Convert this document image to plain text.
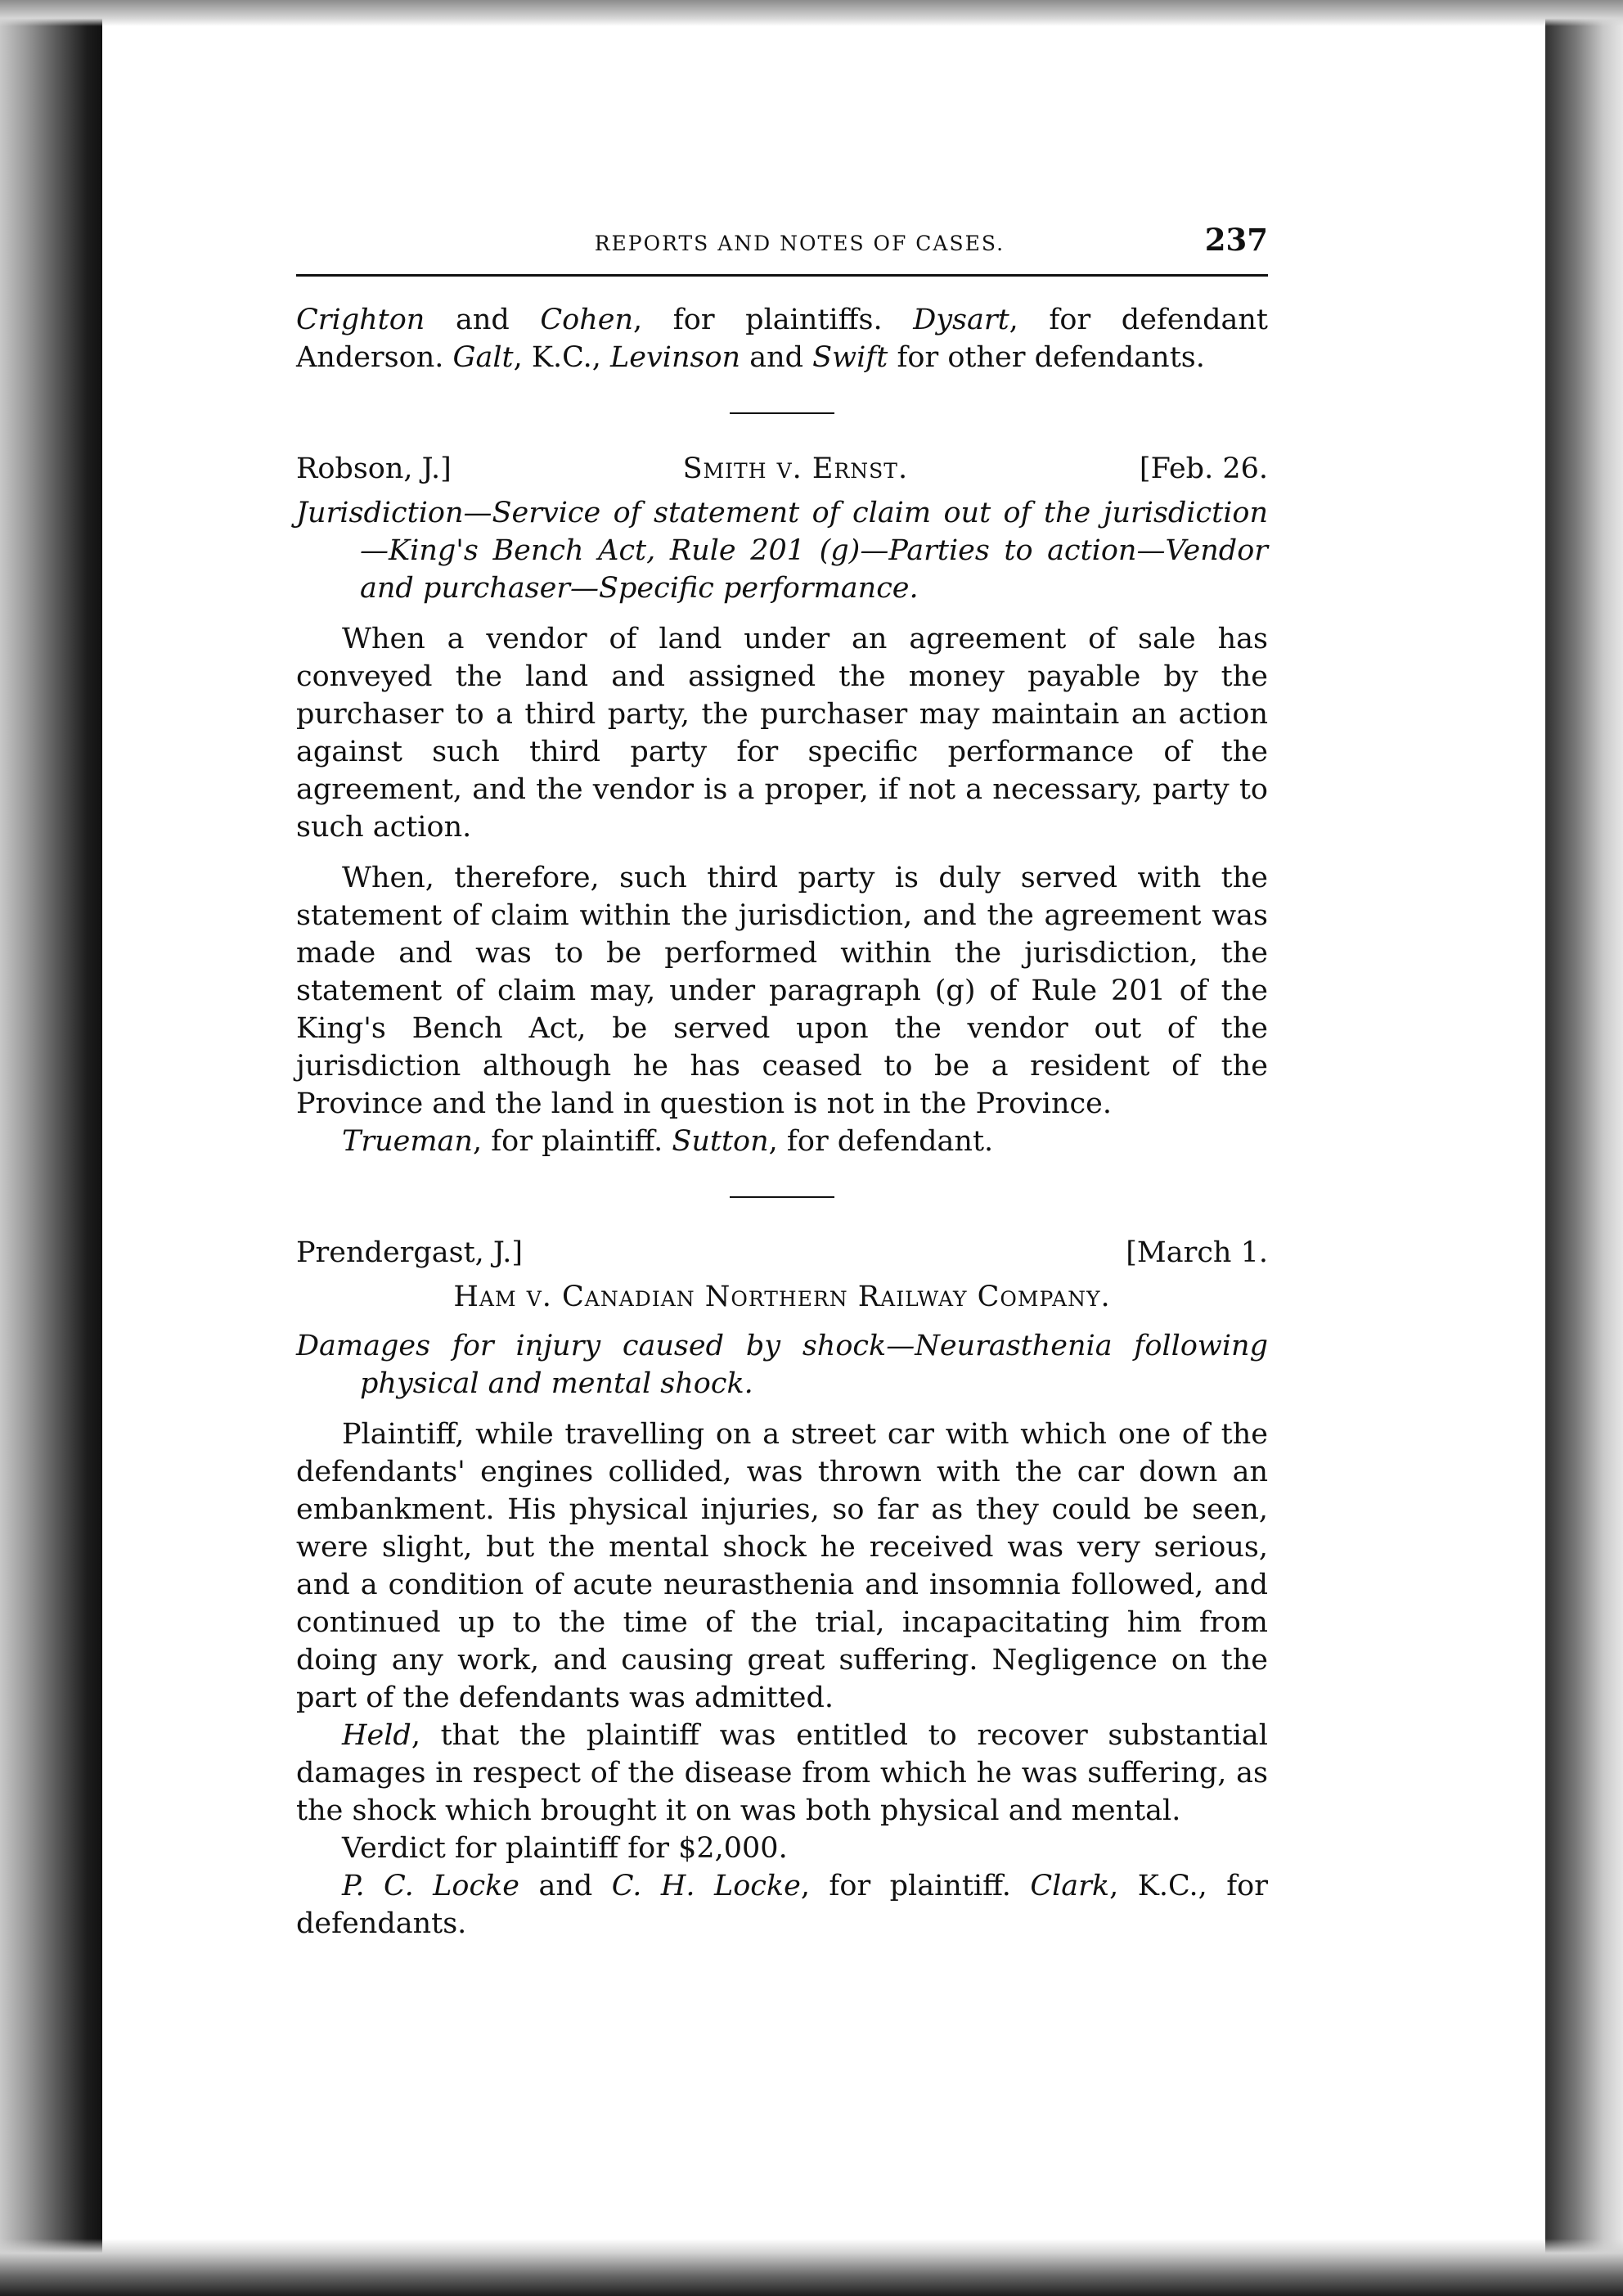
REPORTS AND NOTES OF CASES.	237

Crighton and Cohen, for plaintiffs. Dysart, for defendant Anderson. Galt, K.C., Levinson and Swift for other defendants.

Robson, J.]	Smith v. Ernst.	[Feb. 26.

Jurisdiction—Service of statement of claim out of the jurisdiction—King's Bench Act, Rule 201 (g)—Parties to action—Vendor and purchaser—Specific performance.

When a vendor of land under an agreement of sale has conveyed the land and assigned the money payable by the purchaser to a third party, the purchaser may maintain an action against such third party for specific performance of the agreement, and the vendor is a proper, if not a necessary, party to such action.

When, therefore, such third party is duly served with the statement of claim within the jurisdiction, and the agreement was made and was to be performed within the jurisdiction, the statement of claim may, under paragraph (g) of Rule 201 of the King's Bench Act, be served upon the vendor out of the jurisdiction although he has ceased to be a resident of the Province and the land in question is not in the Province.

Trueman, for plaintiff. Sutton, for defendant.

Prendergast, J.]	[March 1.
Ham v. Canadian Northern Railway Company.

Damages for injury caused by shock—Neurasthenia following physical and mental shock.

Plaintiff, while travelling on a street car with which one of the defendants' engines collided, was thrown with the car down an embankment. His physical injuries, so far as they could be seen, were slight, but the mental shock he received was very serious, and a condition of acute neurasthenia and insomnia followed, and continued up to the time of the trial, incapacitating him from doing any work, and causing great suffering. Negligence on the part of the defendants was admitted.

Held, that the plaintiff was entitled to recover substantial damages in respect of the disease from which he was suffering, as the shock which brought it on was both physical and mental.

Verdict for plaintiff for $2,000.

P. C. Locke and C. H. Locke, for plaintiff. Clark, K.C., for defendants.
